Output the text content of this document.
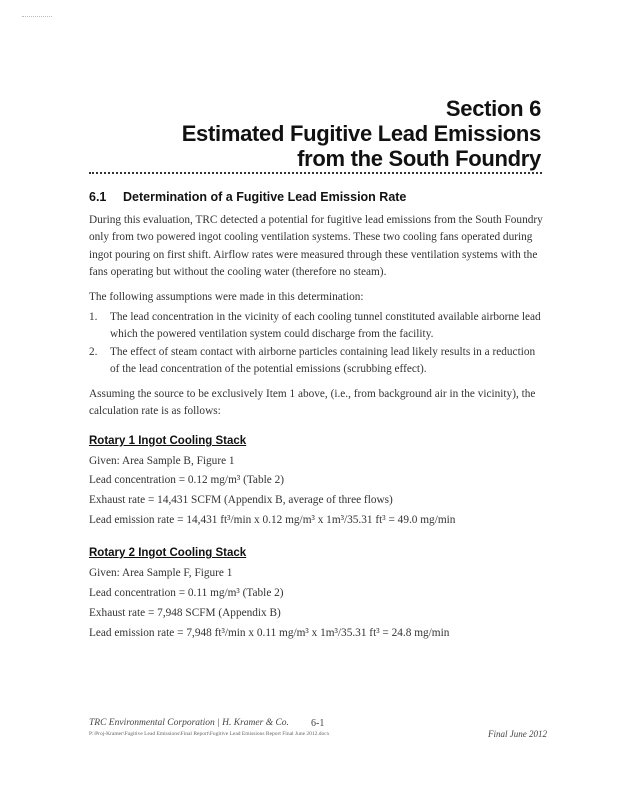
Section 6
Estimated Fugitive Lead Emissions
from the South Foundry
6.1 Determination of a Fugitive Lead Emission Rate
During this evaluation, TRC detected a potential for fugitive lead emissions from the South Foundry only from two powered ingot cooling ventilation systems. These two cooling fans operated during ingot pouring on first shift. Airflow rates were measured through these ventilation systems with the fans operating but without the cooling water (therefore no steam).
The following assumptions were made in this determination:
1. The lead concentration in the vicinity of each cooling tunnel constituted available airborne lead which the powered ventilation system could discharge from the facility.
2. The effect of steam contact with airborne particles containing lead likely results in a reduction of the lead concentration of the potential emissions (scrubbing effect).
Assuming the source to be exclusively Item 1 above, (i.e., from background air in the vicinity), the calculation rate is as follows:
Rotary 1 Ingot Cooling Stack
Given: Area Sample B, Figure 1
Lead concentration = 0.12 mg/m³ (Table 2)
Exhaust rate = 14,431 SCFM (Appendix B, average of three flows)
Lead emission rate = 14,431 ft³/min x 0.12 mg/m³ x 1m³/35.31 ft³ = 49.0 mg/min
Rotary 2 Ingot Cooling Stack
Given: Area Sample F, Figure 1
Lead concentration = 0.11 mg/m³ (Table 2)
Exhaust rate = 7,948 SCFM (Appendix B)
Lead emission rate = 7,948 ft³/min x 0.11 mg/m³ x 1m³/35.31 ft³ = 24.8 mg/min
TRC Environmental Corporation | H. Kramer & Co. 6-1
P:\Proj-Kramer\Fugitive Lead Emissions\Final Report\Fugitive Lead Emissions Report Final June 2012.docx	Final June 2012
